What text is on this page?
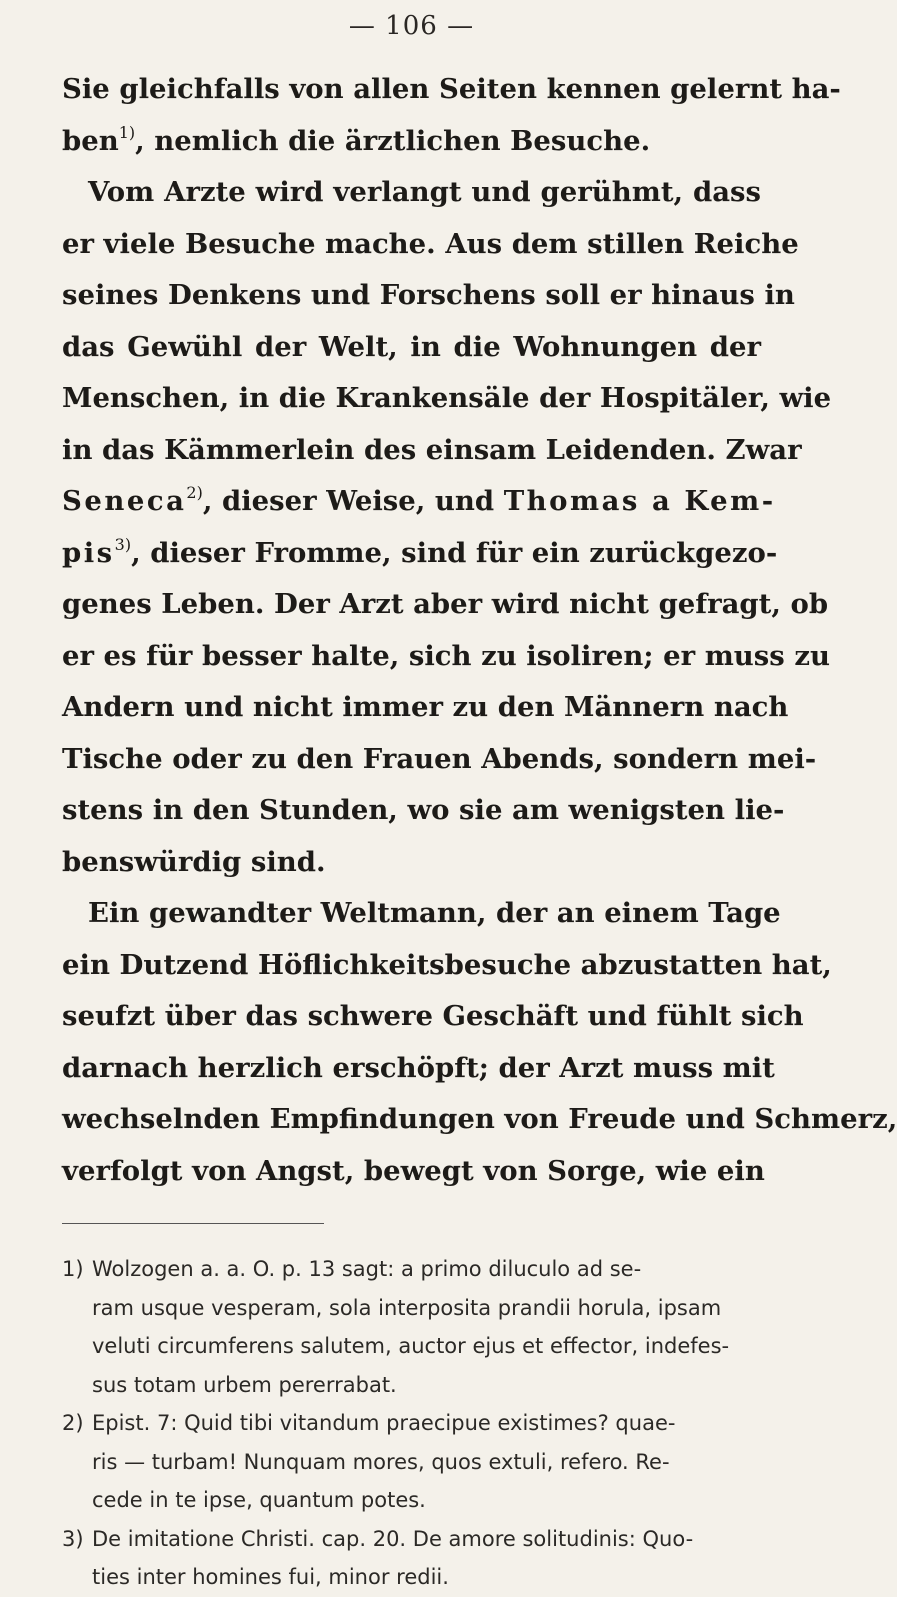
— 106 —
Sie gleichfalls von allen Seiten kennen gelernt ha-
ben$^{1)}$, nemlich die ärztlichen Besuche.
Vom Arzte wird verlangt und gerühmt, dass
er viele Besuche mache. Aus dem stillen Reiche
seines Denkens und Forschens soll er hinaus in
das Gewühl der Welt, in die Wohnungen der
Menschen, in die Krankensäle der Hospitäler, wie
in das Kämmerlein des einsam Leidenden. Zwar
Seneca$^{2)}$, dieser Weise, und Thomas a Kem-
pis$^{3)}$, dieser Fromme, sind für ein zurückgezo-
genes Leben. Der Arzt aber wird nicht gefragt, ob
er es für besser halte, sich zu isoliren; er muss zu
Andern und nicht immer zu den Männern nach
Tische oder zu den Frauen Abends, sondern mei-
stens in den Stunden, wo sie am wenigsten lie-
benswürdig sind.
Ein gewandter Weltmann, der an einem Tage
ein Dutzend Höflichkeitsbesuche abzustatten hat,
seufzt über das schwere Geschäft und fühlt sich
darnach herzlich erschöpft; der Arzt muss mit
wechselnden Empfindungen von Freude und Schmerz,
verfolgt von Angst, bewegt von Sorge, wie ein
1) Wolzogen a. a. O. p. 13 sagt: a primo diluculo ad se-
ram usque vesperam, sola interposita prandii horula, ipsam
veluti circumferens salutem, auctor ejus et effector, indefes-
sus totam urbem pererrabat.
2) Epist. 7: Quid tibi vitandum praecipue existimes? quae-
ris — turbam! Nunquam mores, quos extuli, refero. Re-
cede in te ipse, quantum potes.
3) De imitatione Christi. cap. 20. De amore solitudinis: Quo-
ties inter homines fui, minor redii.
